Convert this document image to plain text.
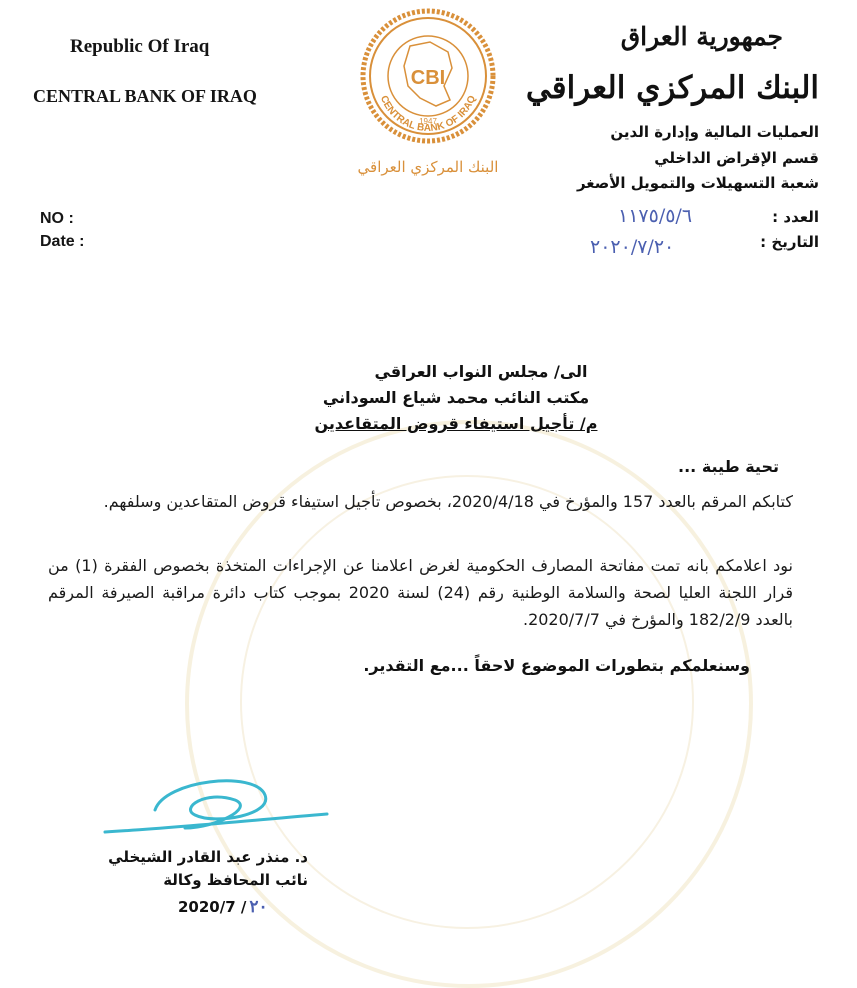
Republic Of Iraq
CENTRAL BANK OF IRAQ
NO :
Date :
CBI
CENTRAL BANK OF IRAQ
1947
البنك المركزي العراقي
جمهورية العراق
البنك المركزي العراقي
العمليات المالية وإدارة الدين
قسم الإقراض الداخلي
شعبة التسهيلات والتمويل الأصغر
العدد :
١١٧٥/٥/٦
التاريخ :
٢٠٢٠/٧/٢٠
الى/ مجلس النواب العراقي
مكتب النائب محمد شياع السوداني
م/ تأجيل استيفاء قروض المتقاعدين
تحية طيبة ...
كتابكم المرقم بالعدد 157 والمؤرخ في 2020/4/18، بخصوص تأجيل استيفاء قروض المتقاعدين وسلفهم.
نود اعلامكم بانه تمت مفاتحة المصارف الحكومية لغرض اعلامنا عن الإجراءات المتخذة بخصوص الفقرة (1) من قرار اللجنة العليا لصحة والسلامة الوطنية رقم (24) لسنة 2020 بموجب كتاب دائرة مراقبة الصيرفة المرقم بالعدد 182/2/9 والمؤرخ في 2020/7/7.
وسنعلمكم بتطورات الموضوع لاحقاً ...مع التقدير.
د. منذر عبد القادر الشيخلي
نائب المحافظ وكالة
2020/7 / ٢٠
